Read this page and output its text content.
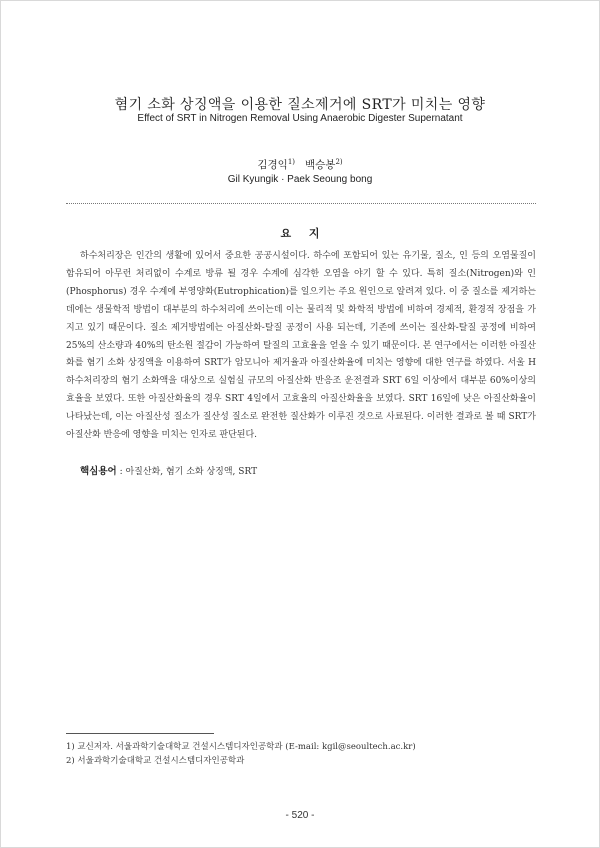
혐기 소화 상징액을 이용한 질소제거에 SRT가 미치는 영향
Effect of SRT in Nitrogen Removal Using Anaerobic Digester Supernatant
김경익$^{1)}$ 백승봉$^{2)}$
Gil Kyungik · Paek Seoung bong
요 지

하수처리장은 인간의 생활에 있어서 중요한 공공시설이다. 하수에 포함되어 있는 유기물, 질소, 인 등의 오염물질이 함유되어 아무런 처리없이 수계로 방류 될 경우 수계에 심각한 오염을 야기 할 수 있다. 특히 질소(Nitrogen)와 인(Phosphorus) 경우 수계에 부영양화(Eutrophication)를 일으키는 주요 원인으로 알려져 있다. 이 중 질소를 제거하는데에는 생물학적 방법이 대부분의 하수처리에 쓰이는데 이는 물리적 및 화학적 방법에 비하여 경제적, 환경적 장점을 가지고 있기 때문이다. 질소 제거방법에는 아질산화-탈질 공정이 사용 되는데, 기존에 쓰이는 질산화-탈질 공정에 비하여 25%의 산소량과 40%의 탄소원 절감이 가능하여 탈질의 고효율을 얻을 수 있기 때문이다. 본 연구에서는 이러한 아질산화를 혐기 소화 상징액을 이용하여 SRT가 암모니아 제거율과 아질산화율에 미치는 영향에 대한 연구를 하였다. 서울 H 하수처리장의 혐기 소화액을 대상으로 실험실 규모의 아질산화 반응조 운전결과 SRT 6일 이상에서 대부분 60%이상의 효율을 보였다. 또한 아질산화율의 경우 SRT 4일에서 고효율의 아질산화율을 보였다. SRT 16일에 낮은 아질산화율이 나타났는데, 이는 아질산성 질소가 질산성 질소로 완전한 질산화가 이루진 것으로 사료된다. 이러한 결과로 볼 때 SRT가 아질산화 반응에 영향을 미치는 인자로 판단된다.

핵심용어 : 아질산화, 혐기 소화 상징액, SRT
1) 교신저자. 서울과학기술대학교 건설시스템디자인공학과 (E-mail: kgil@seoultech.ac.kr)
2) 서울과학기술대학교 건설시스템디자인공학과
- 520 -
